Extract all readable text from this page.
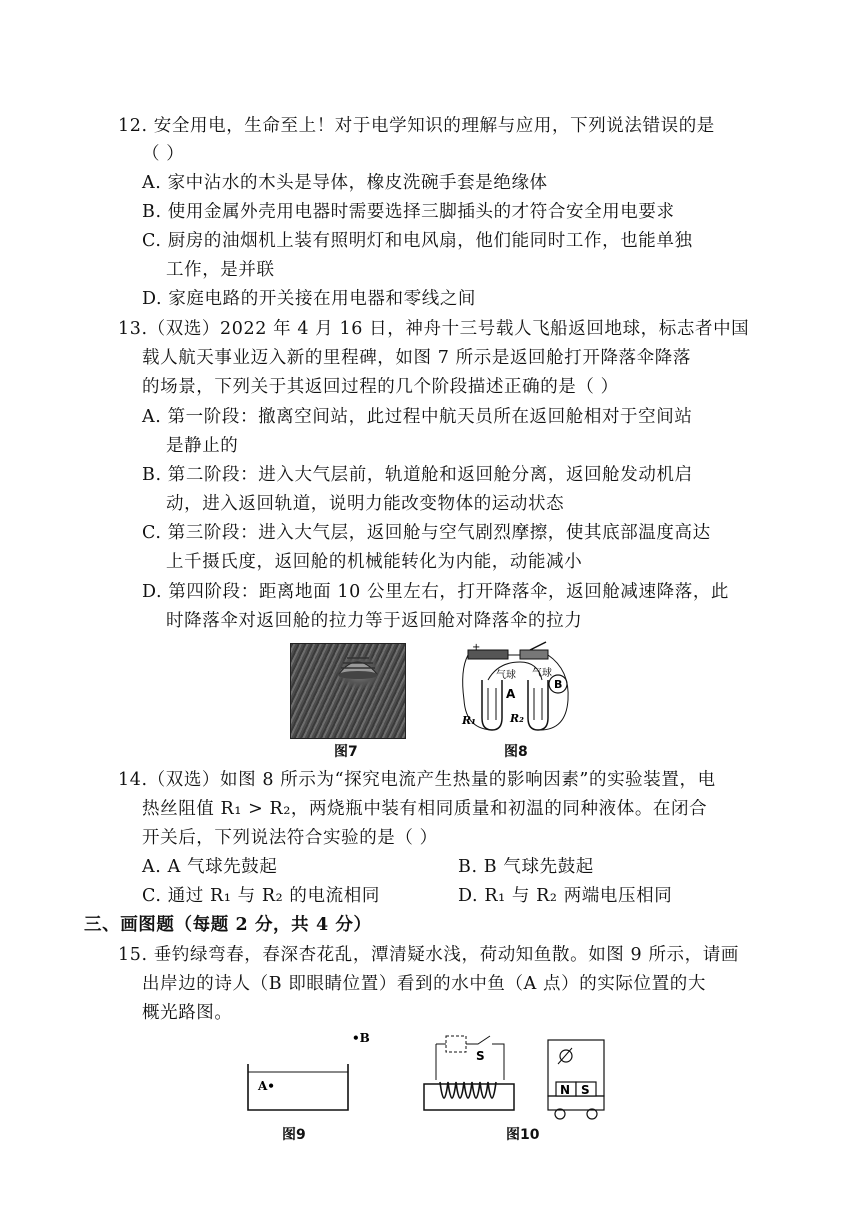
12. 安全用电，生命至上！对于电学知识的理解与应用，下列说法错误的是
（ ）
A. 家中沾水的木头是导体，橡皮洗碗手套是绝缘体
B. 使用金属外壳用电器时需要选择三脚插头的才符合安全用电要求
C. 厨房的油烟机上装有照明灯和电风扇，他们能同时工作，也能单独
工作，是并联
D. 家庭电路的开关接在用电器和零线之间
13.（双选）2022 年 4 月 16 日，神舟十三号载人飞船返回地球，标志者中国
载人航天事业迈入新的里程碑，如图 7 所示是返回舱打开降落伞降落
的场景，下列关于其返回过程的几个阶段描述正确的是（ ）
A. 第一阶段：撤离空间站，此过程中航天员所在返回舱相对于空间站
是静止的
B. 第二阶段：进入大气层前，轨道舱和返回舱分离，返回舱发动机启
动，进入返回轨道，说明力能改变物体的运动状态
C. 第三阶段：进入大气层，返回舱与空气剧烈摩擦，使其底部温度高达
上千摄氏度，返回舱的机械能转化为内能，动能减小
D. 第四阶段：距离地面 10 公里左右，打开降落伞，返回舱减速降落，此
时降落伞对返回舱的拉力等于返回舱对降落伞的拉力
图7
+
气球
A
气球
B
R₁	R₂
图8
14.（双选）如图 8 所示为“探究电流产生热量的影响因素”的实验装置，电
热丝阻值 R₁ > R₂，两烧瓶中装有相同质量和初温的同种液体。在闭合
开关后，下列说法符合实验的是（ ）
A. A 气球先鼓起	B. B 气球先鼓起
C. 通过 R₁ 与 R₂ 的电流相同	D. R₁ 与 R₂ 两端电压相同
三、画图题（每题 2 分，共 4 分）
15. 垂钓绿弯春，春深杏花乱，潭清疑水浅，荷动知鱼散。如图 9 所示，请画
出岸边的诗人（B 即眼睛位置）看到的水中鱼（A 点）的实际位置的大
概光路图。
A•
•B
图9
S
N S
图10
